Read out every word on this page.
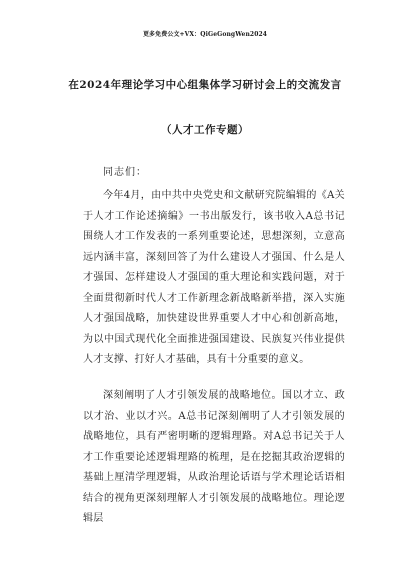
更多免费公文+VX：QiGeGongWen2024
在2024年理论学习中心组集体学习研讨会上的交流发言
（人才工作专题）
同志们：

今年4月，由中共中央党史和文献研究院编辑的《A关于人才工作论述摘编》一书出版发行，该书收入A总书记围绕人才工作发表的一系列重要论述，思想深刻，立意高远内涵丰富，深刻回答了为什么建设人才强国、什么是人才强国、怎样建设人才强国的重大理论和实践问题，对于全面贯彻新时代人才工作新理念新战略新举措，深入实施人才强国战略，加快建设世界重要人才中心和创新高地，为以中国式现代化全面推进强国建设、民族复兴伟业提供人才支撑、打好人才基础，具有十分重要的意义。

深刻阐明了人才引领发展的战略地位。国以才立、政以才治、业以才兴。A总书记深刻阐明了人才引领发展的战略地位，具有严密明晰的逻辑理路。对A总书记关于人才工作重要论述逻辑理路的梳理，是在挖掘其政治逻辑的基础上厘清学理逻辑，从政治理论话语与学术理论话语相结合的视角更深刻理解人才引领发展的战略地位。理论逻辑层
